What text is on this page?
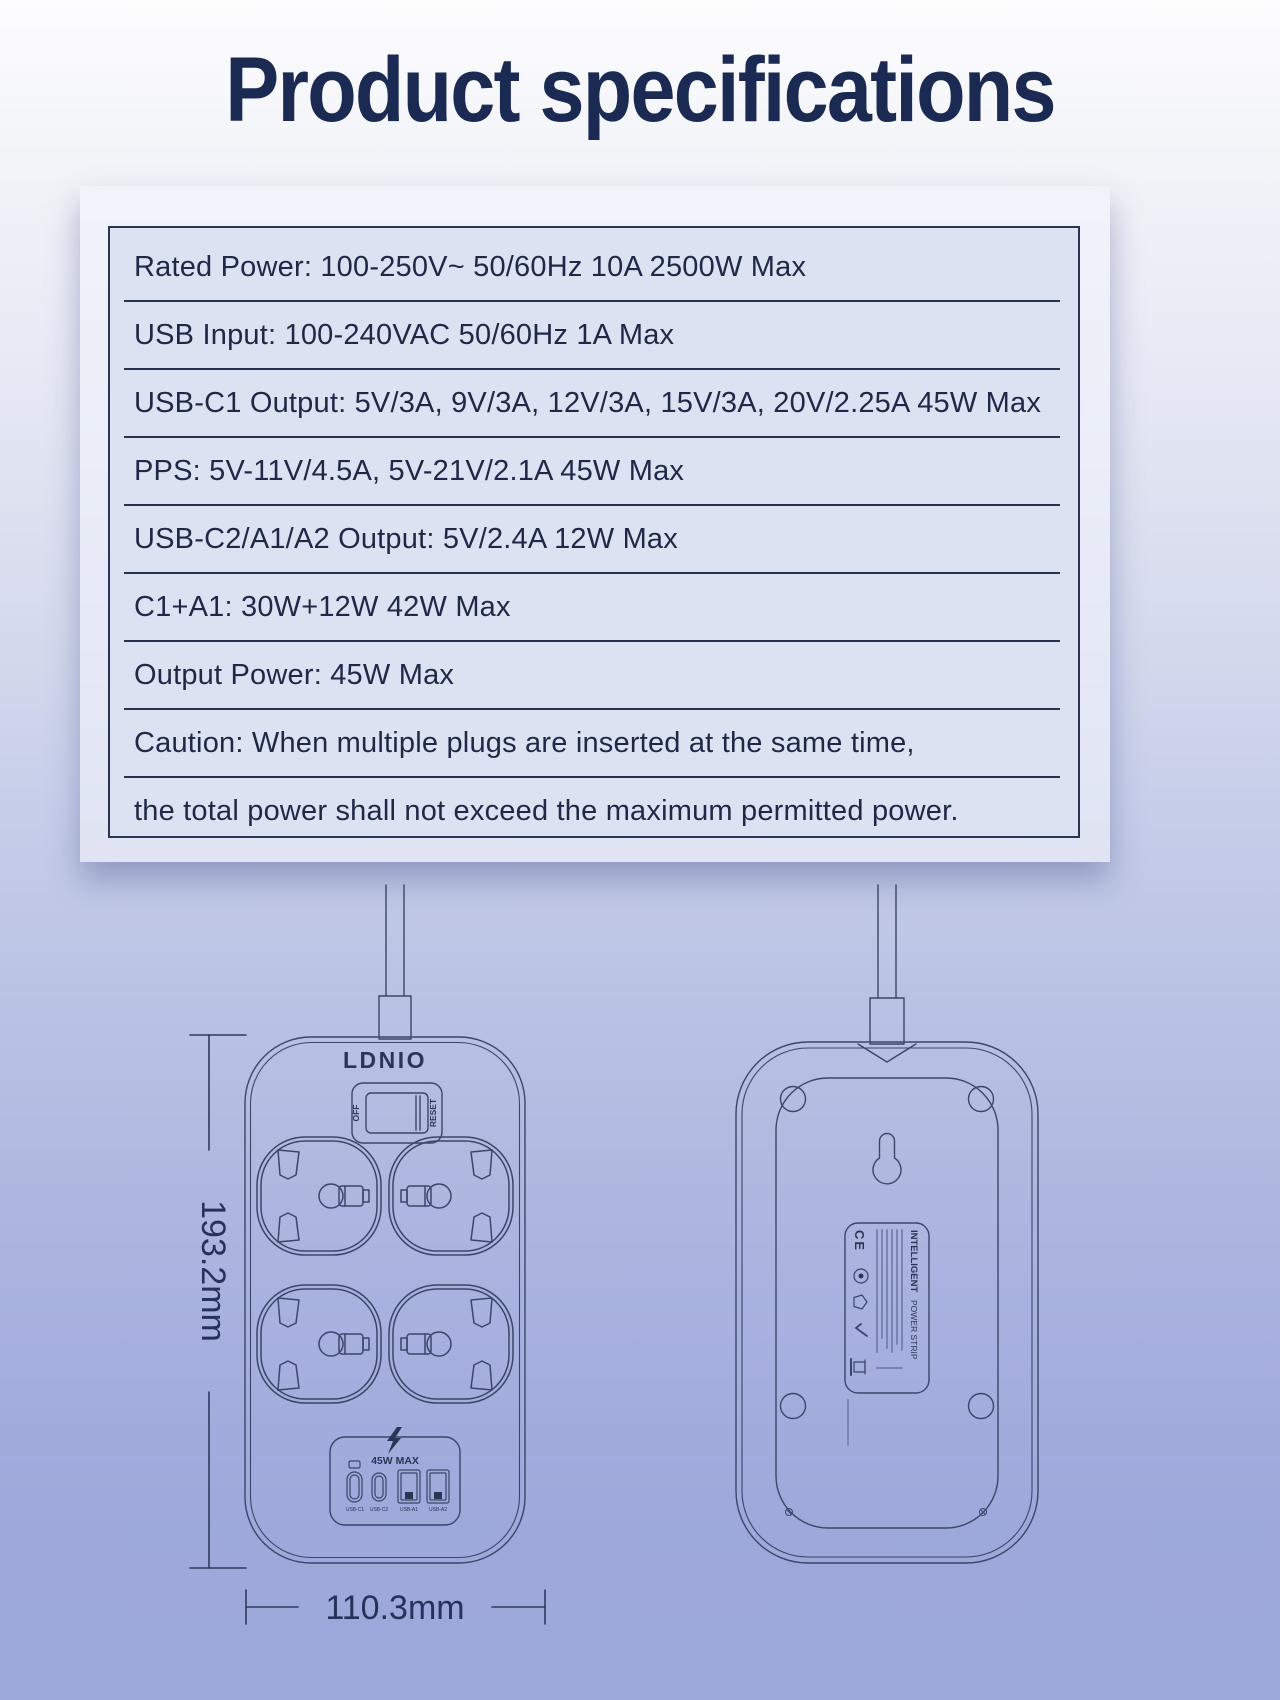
Product specifications
Rated Power: 100-250V~ 50/60Hz 10A 2500W Max
USB Input: 100-240VAC 50/60Hz 1A Max
USB-C1 Output: 5V/3A, 9V/3A, 12V/3A, 15V/3A, 20V/2.25A 45W Max
PPS: 5V-11V/4.5A, 5V-21V/2.1A 45W Max
USB-C2/A1/A2 Output: 5V/2.4A 12W Max
C1+A1: 30W+12W 42W Max
Output Power: 45W Max
Caution: When multiple plugs are inserted at the same time,
the total power shall not exceed the maximum permitted power.
LDNIO
OFF	RESET
45W MAX
USB-C1 USB-C2 USB-A1 USB-A2
INTELLIGENT
POWER STRIP
CE
193.2mm
110.3mm
